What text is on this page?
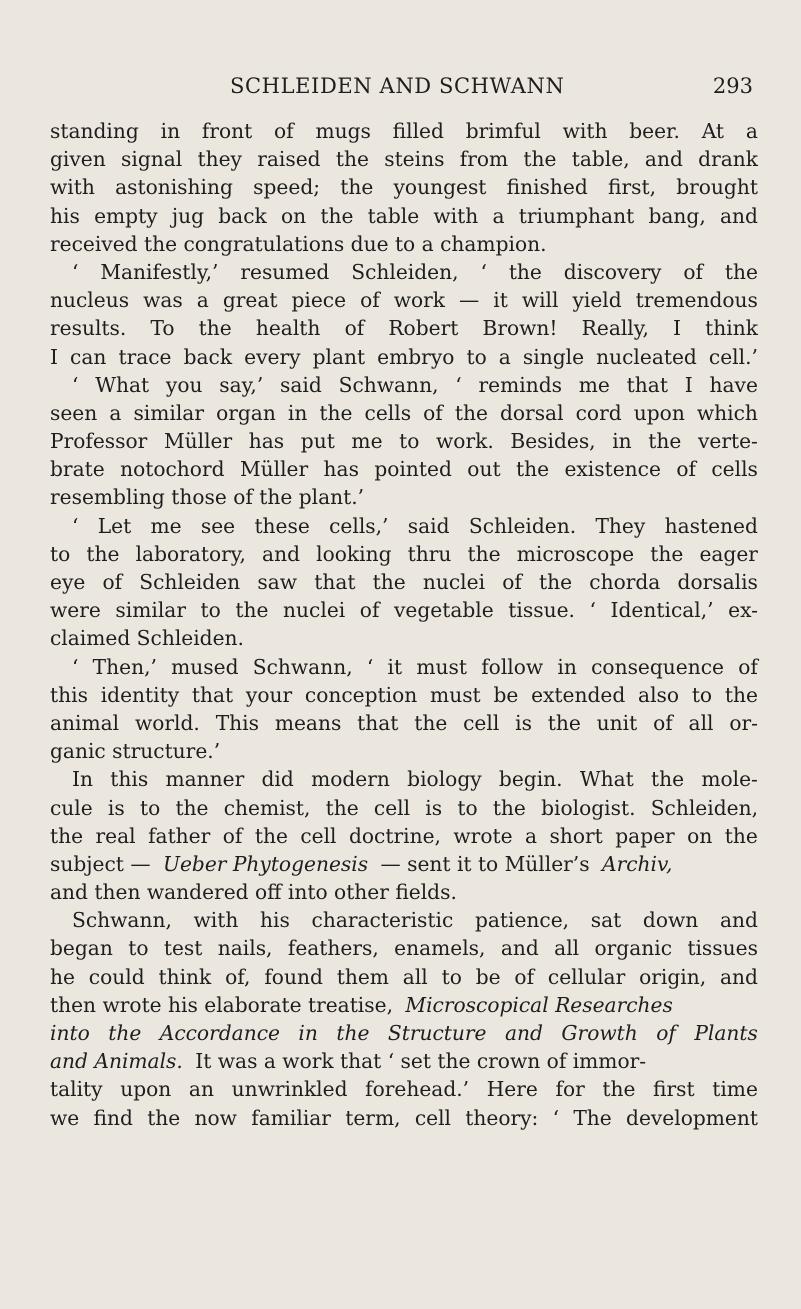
SCHLEIDEN AND SCHWANN	293
standing in front of mugs filled brimful with beer. At a
given signal they raised the steins from the table, and drank
with astonishing speed; the youngest finished first, brought
his empty jug back on the table with a triumphant bang, and
received the congratulations due to a champion.
‘ Manifestly,’ resumed Schleiden, ‘ the discovery of the
nucleus was a great piece of work — it will yield tremendous
results. To the health of Robert Brown! Really, I think
I can trace back every plant embryo to a single nucleated cell.’
‘ What you say,’ said Schwann, ‘ reminds me that I have
seen a similar organ in the cells of the dorsal cord upon which
Professor Müller has put me to work. Besides, in the verte-
brate notochord Müller has pointed out the existence of cells
resembling those of the plant.’
‘ Let me see these cells,’ said Schleiden. They hastened
to the laboratory, and looking thru the microscope the eager
eye of Schleiden saw that the nuclei of the chorda dorsalis
were similar to the nuclei of vegetable tissue. ‘ Identical,’ ex-
claimed Schleiden.
‘ Then,’ mused Schwann, ‘ it must follow in consequence of
this identity that your conception must be extended also to the
animal world. This means that the cell is the unit of all or-
ganic structure.’
In this manner did modern biology begin. What the mole-
cule is to the chemist, the cell is to the biologist. Schleiden,
the real father of the cell doctrine, wrote a short paper on the
subject — Ueber Phytogenesis — sent it to Müller’s Archiv,
and then wandered off into other fields.
Schwann, with his characteristic patience, sat down and
began to test nails, feathers, enamels, and all organic tissues
he could think of, found them all to be of cellular origin, and
then wrote his elaborate treatise, Microscopical Researches
into the Accordance in the Structure and Growth of Plants
and Animals. It was a work that ‘ set the crown of immor-
tality upon an unwrinkled forehead.’ Here for the first time
we find the now familiar term, cell theory: ‘ The development
